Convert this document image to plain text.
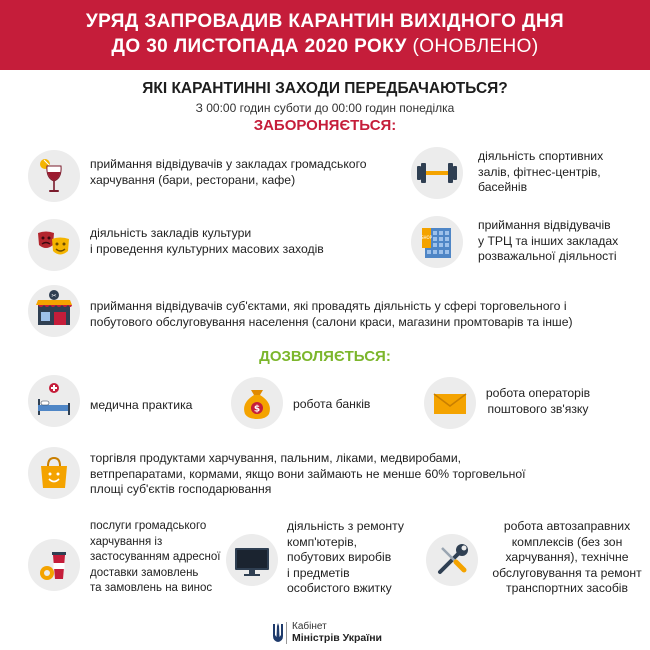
УРЯД ЗАПРОВАДИВ КАРАНТИН ВИХІДНОГО ДНЯ
ДО 30 ЛИСТОПАДА 2020 РОКУ (ОНОВЛЕНО)
ЯКІ КАРАНТИННІ ЗАХОДИ ПЕРЕДБАЧАЮТЬСЯ?
З 00:00 годин суботи до 00:00 годин понеділка
ЗАБОРОНЯЄТЬСЯ:
приймання відвідувачів у закладах громадського
харчування (бари, ресторани, кафе)
діяльність спортивних
залів, фітнес-центрів,
басейнів
діяльність закладів культури
і проведення культурних масових заходів
SHOP
приймання відвідувачів
у ТРЦ та інших закладах
розважальної діяльності
✂
приймання відвідувачів суб'єктами, які провадять діяльність у сфері торговельного і
побутового обслуговування населення (салони краси, магазини промтоварів та інше)
ДОЗВОЛЯЄТЬСЯ:
медична практика	$	робота банків
робота операторів
поштового зв'язку
торгівля продуктами харчування, пальним, ліками, медвиробами,
ветпрепаратами, кормами, якщо вони займають не менше 60% торговельної
площі суб'єктів господарювання
послуги громадського
харчування із
застосуванням адресної
доставки замовлень
та замовлень на винос
діяльність з ремонту
комп'ютерів,
побутових виробів
і предметів
особистого вжитку
робота автозаправних
комплексів (без зон
харчування), технічне
обслуговування та ремонт
транспортних засобів
Кабінет
Міністрів України
